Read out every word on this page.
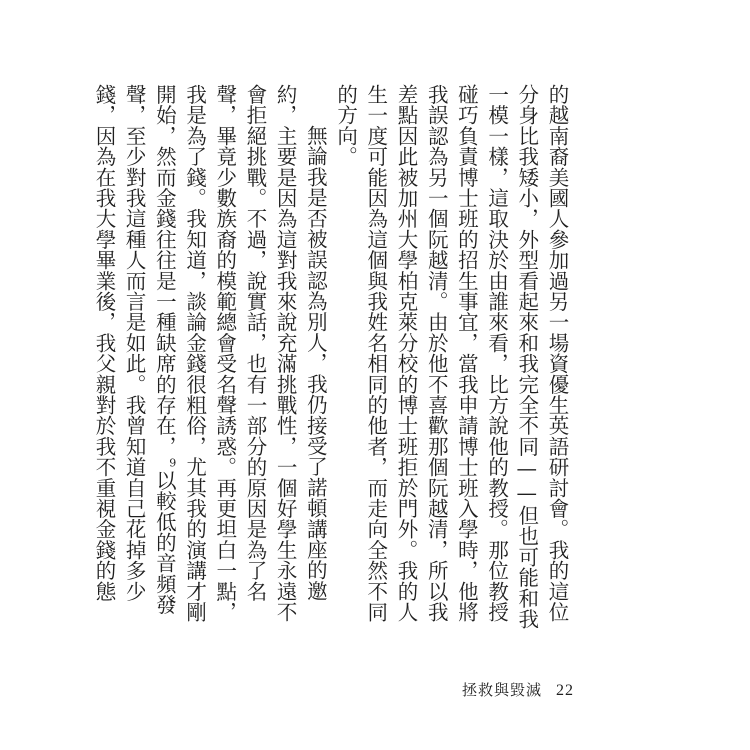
的越南裔美國人參加過另一場資優生英語研討會。我的這位分身比我矮小，外型看起來和我完全不同——但也可能和我一模一樣，這取決於由誰來看，比方說他的教授。那位教授碰巧負責博士班的招生事宜，當我申請博士班入學時，他將我誤認為另一個阮越清。由於他不喜歡那個阮越清，所以我差點因此被加州大學柏克萊分校的博士班拒於門外。我的人生一度可能因為這個與我姓名相同的他者，而走向全然不同的方向。

無論我是否被誤認為別人，我仍接受了諾頓講座的邀約，主要是因為這對我來說充滿挑戰性，一個好學生永遠不會拒絕挑戰。不過，說實話，也有一部分的原因是為了名聲，畢竟少數族裔的模範總會受名聲誘惑。再更坦白一點，我是為了錢。我知道，談論金錢很粗俗，尤其我的演講才剛開始，然而金錢往往是一種缺席的存在，$^9$以較低的音頻發聲，至少對我這種人而言是如此。我曾知道自己花掉多少錢，因為在我大學畢業後，我父親對於我不重視金錢的態

拯救與毀滅 22
